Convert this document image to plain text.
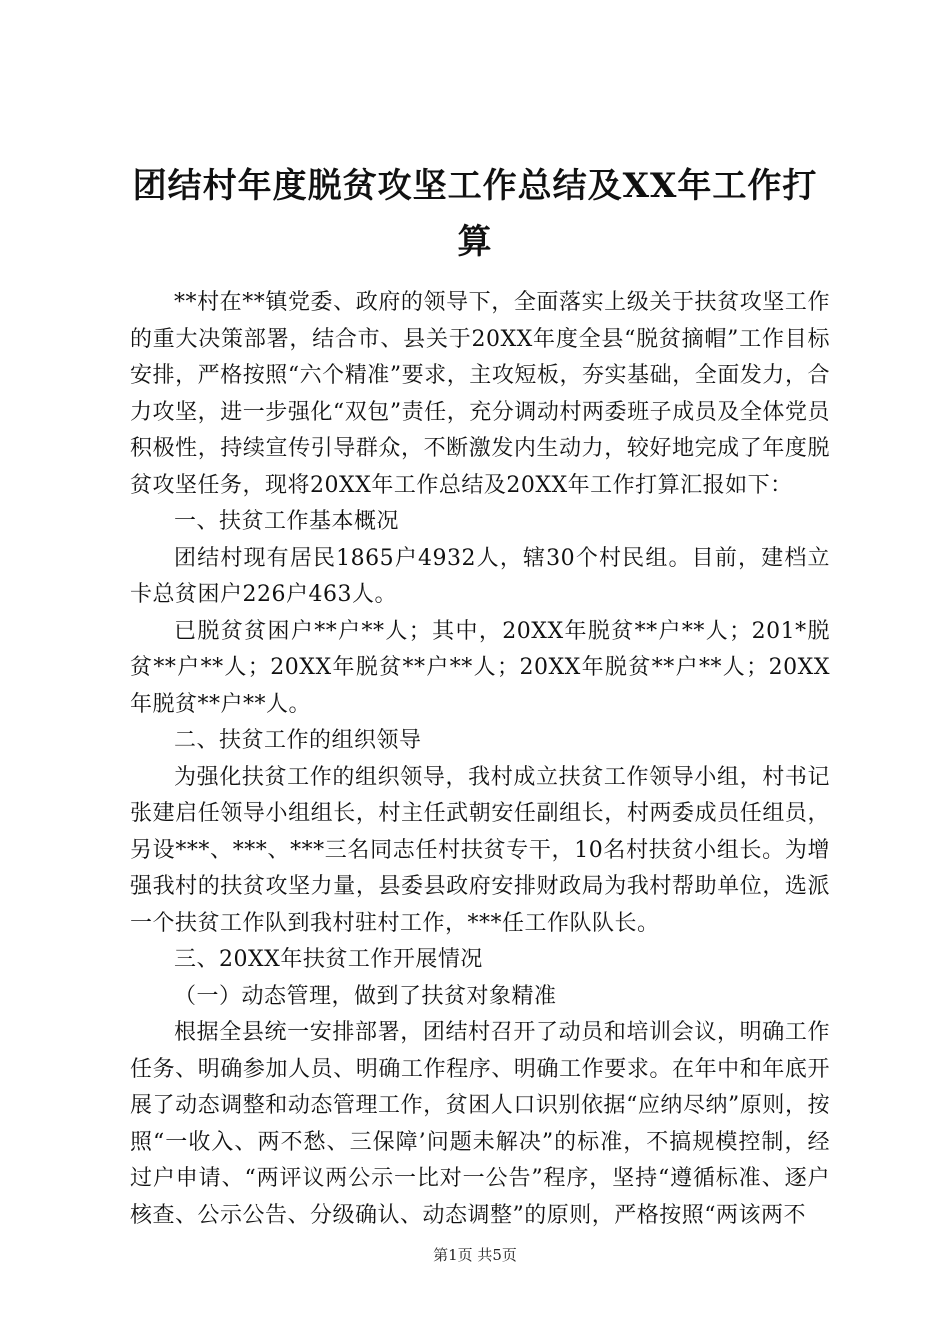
团结村年度脱贫攻坚工作总结及XX年工作打
算

**村在**镇党委、政府的领导下，全面落实上级关于扶贫攻坚工作的重大决策部署，结合市、县关于20XX年度全县“脱贫摘帽”工作目标安排，严格按照“六个精准”要求，主攻短板，夯实基础，全面发力，合力攻坚，进一步强化“双包”责任，充分调动村两委班子成员及全体党员积极性，持续宣传引导群众，不断激发内生动力，较好地完成了年度脱贫攻坚任务，现将20XX年工作总结及20XX年工作打算汇报如下：

一、扶贫工作基本概况

团结村现有居民1865户4932人，辖30个村民组。目前，建档立卡总贫困户226户463人。

已脱贫贫困户**户**人；其中，20XX年脱贫**户**人；201*脱贫**户**人；20XX年脱贫**户**人；20XX年脱贫**户**人；20XX年脱贫**户**人。

二、扶贫工作的组织领导

为强化扶贫工作的组织领导，我村成立扶贫工作领导小组，村书记张建启任领导小组组长，村主任武朝安任副组长，村两委成员任组员，另设***、***、***三名同志任村扶贫专干，10名村扶贫小组长。为增强我村的扶贫攻坚力量，县委县政府安排财政局为我村帮助单位，选派一个扶贫工作队到我村驻村工作，***任工作队队长。

三、20XX年扶贫工作开展情况

（一）动态管理，做到了扶贫对象精准

根据全县统一安排部署，团结村召开了动员和培训会议，明确工作任务、明确参加人员、明确工作程序、明确工作要求。在年中和年底开展了动态调整和动态管理工作，贫困人口识别依据“应纳尽纳”原则，按照“一收入、两不愁、三保障’问题未解决”的标准，不搞规模控制，经过户申请、“两评议两公示一比对一公告”程序，坚持“遵循标准、逐户核查、公示公告、分级确认、动态调整”的原则，严格按照“两该两不

第1页 共5页
